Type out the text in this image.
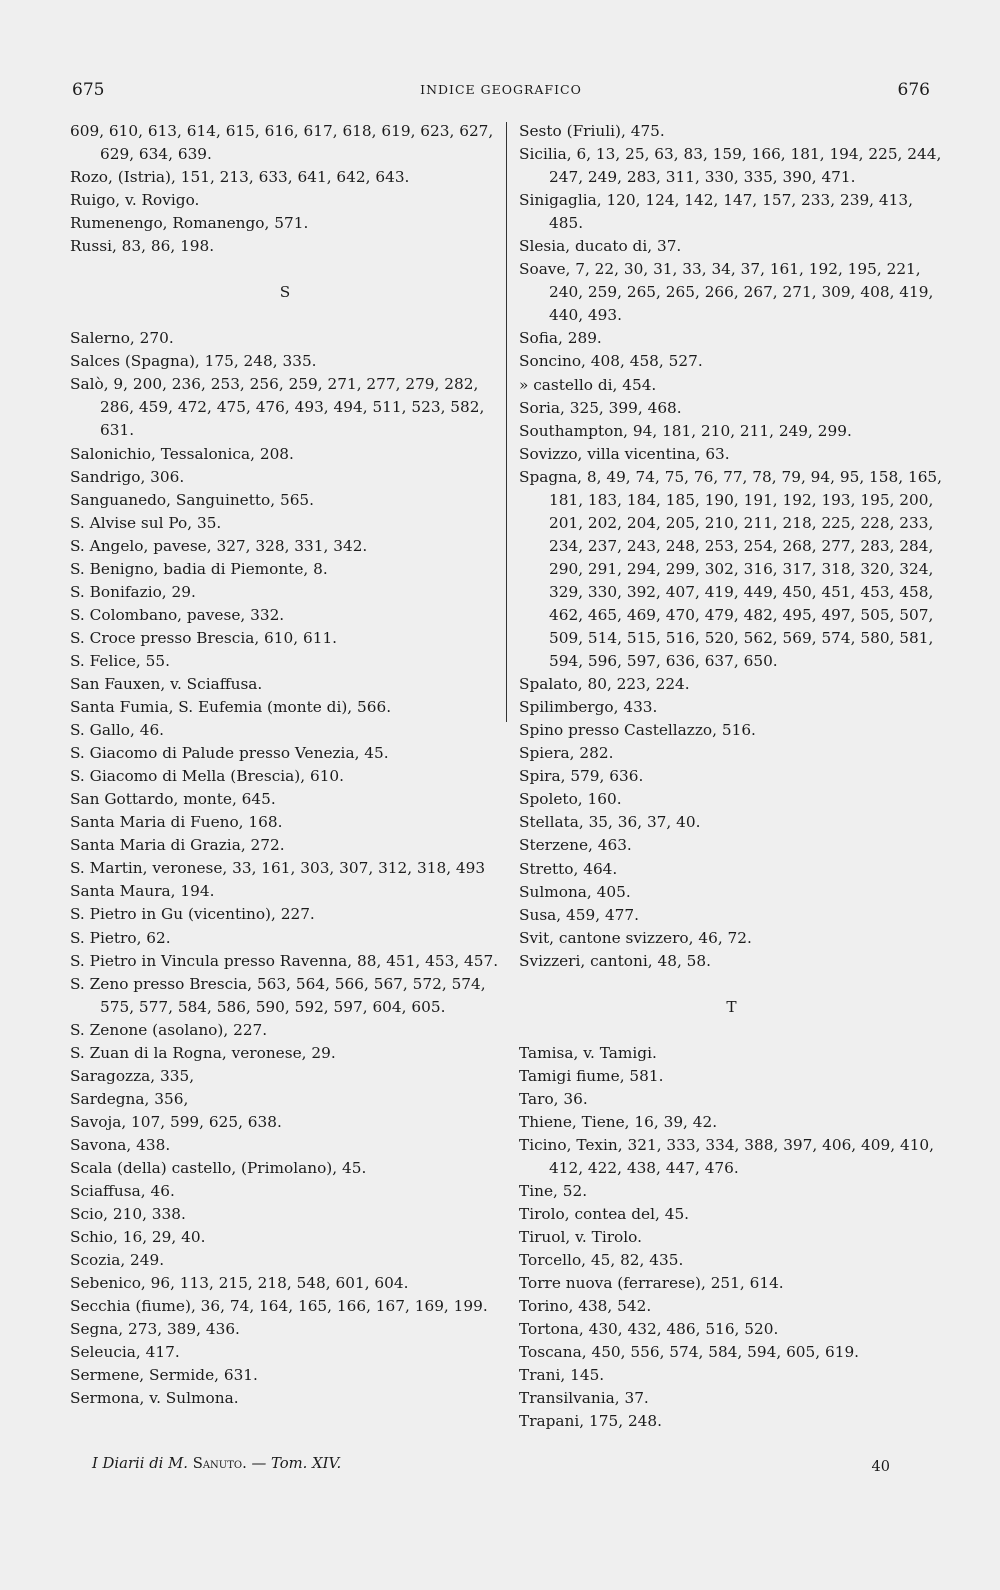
675	INDICE GEOGRAFICO	676

609, 610, 613, 614, 615, 616, 617, 618, 619, 623, 627, 629, 634, 639.

Rozo, (Istria), 151, 213, 633, 641, 642, 643.

Ruigo, v. Rovigo.

Rumenengo, Romanengo, 571.

Russi, 83, 86, 198.

S

Salerno, 270.

Salces (Spagna), 175, 248, 335.

Salò, 9, 200, 236, 253, 256, 259, 271, 277, 279, 282, 286, 459, 472, 475, 476, 493, 494, 511, 523, 582, 631.

Salonichio, Tessalonica, 208.

Sandrigo, 306.

Sanguanedo, Sanguinetto, 565.

S. Alvise sul Po, 35.

S. Angelo, pavese, 327, 328, 331, 342.

S. Benigno, badia di Piemonte, 8.

S. Bonifazio, 29.

S. Colombano, pavese, 332.

S. Croce presso Brescia, 610, 611.

S. Felice, 55.

San Fauxen, v. Sciaffusa.

Santa Fumia, S. Eufemia (monte di), 566.

S. Gallo, 46.

S. Giacomo di Palude presso Venezia, 45.

S. Giacomo di Mella (Brescia), 610.

San Gottardo, monte, 645.

Santa Maria di Fueno, 168.

Santa Maria di Grazia, 272.

S. Martin, veronese, 33, 161, 303, 307, 312, 318, 493

Santa Maura, 194.

S. Pietro in Gu (vicentino), 227.

S. Pietro, 62.

S. Pietro in Vincula presso Ravenna, 88, 451, 453, 457.

S. Zeno presso Brescia, 563, 564, 566, 567, 572, 574, 575, 577, 584, 586, 590, 592, 597, 604, 605.

S. Zenone (asolano), 227.

S. Zuan di la Rogna, veronese, 29.

Saragozza, 335,

Sardegna, 356,

Savoja, 107, 599, 625, 638.

Savona, 438.

Scala (della) castello, (Primolano), 45.

Sciaffusa, 46.

Scio, 210, 338.

Schio, 16, 29, 40.

Scozia, 249.

Sebenico, 96, 113, 215, 218, 548, 601, 604.

Secchia (fiume), 36, 74, 164, 165, 166, 167, 169, 199.

Segna, 273, 389, 436.

Seleucia, 417.

Sermene, Sermide, 631.

Sermona, v. Sulmona.

Sesto (Friuli), 475.

Sicilia, 6, 13, 25, 63, 83, 159, 166, 181, 194, 225, 244, 247, 249, 283, 311, 330, 335, 390, 471.

Sinigaglia, 120, 124, 142, 147, 157, 233, 239, 413, 485.

Slesia, ducato di, 37.

Soave, 7, 22, 30, 31, 33, 34, 37, 161, 192, 195, 221, 240, 259, 265, 265, 266, 267, 271, 309, 408, 419, 440, 493.

Sofia, 289.

Soncino, 408, 458, 527.

» castello di, 454.

Soria, 325, 399, 468.

Southampton, 94, 181, 210, 211, 249, 299.

Sovizzo, villa vicentina, 63.

Spagna, 8, 49, 74, 75, 76, 77, 78, 79, 94, 95, 158, 165, 181, 183, 184, 185, 190, 191, 192, 193, 195, 200, 201, 202, 204, 205, 210, 211, 218, 225, 228, 233, 234, 237, 243, 248, 253, 254, 268, 277, 283, 284, 290, 291, 294, 299, 302, 316, 317, 318, 320, 324, 329, 330, 392, 407, 419, 449, 450, 451, 453, 458, 462, 465, 469, 470, 479, 482, 495, 497, 505, 507, 509, 514, 515, 516, 520, 562, 569, 574, 580, 581, 594, 596, 597, 636, 637, 650.

Spalato, 80, 223, 224.

Spilimbergo, 433.

Spino presso Castellazzo, 516.

Spiera, 282.

Spira, 579, 636.

Spoleto, 160.

Stellata, 35, 36, 37, 40.

Sterzene, 463.

Stretto, 464.

Sulmona, 405.

Susa, 459, 477.

Svit, cantone svizzero, 46, 72.

Svizzeri, cantoni, 48, 58.

T

Tamisa, v. Tamigi.

Tamigi fiume, 581.

Taro, 36.

Thiene, Tiene, 16, 39, 42.

Ticino, Texin, 321, 333, 334, 388, 397, 406, 409, 410, 412, 422, 438, 447, 476.

Tine, 52.

Tirolo, contea del, 45.

Tiruol, v. Tirolo.

Torcello, 45, 82, 435.

Torre nuova (ferrarese), 251, 614.

Torino, 438, 542.

Tortona, 430, 432, 486, 516, 520.

Toscana, 450, 556, 574, 584, 594, 605, 619.

Trani, 145.

Transilvania, 37.

Trapani, 175, 248.

I Diarii di M. Sanuto. — Tom. XIV.	40
